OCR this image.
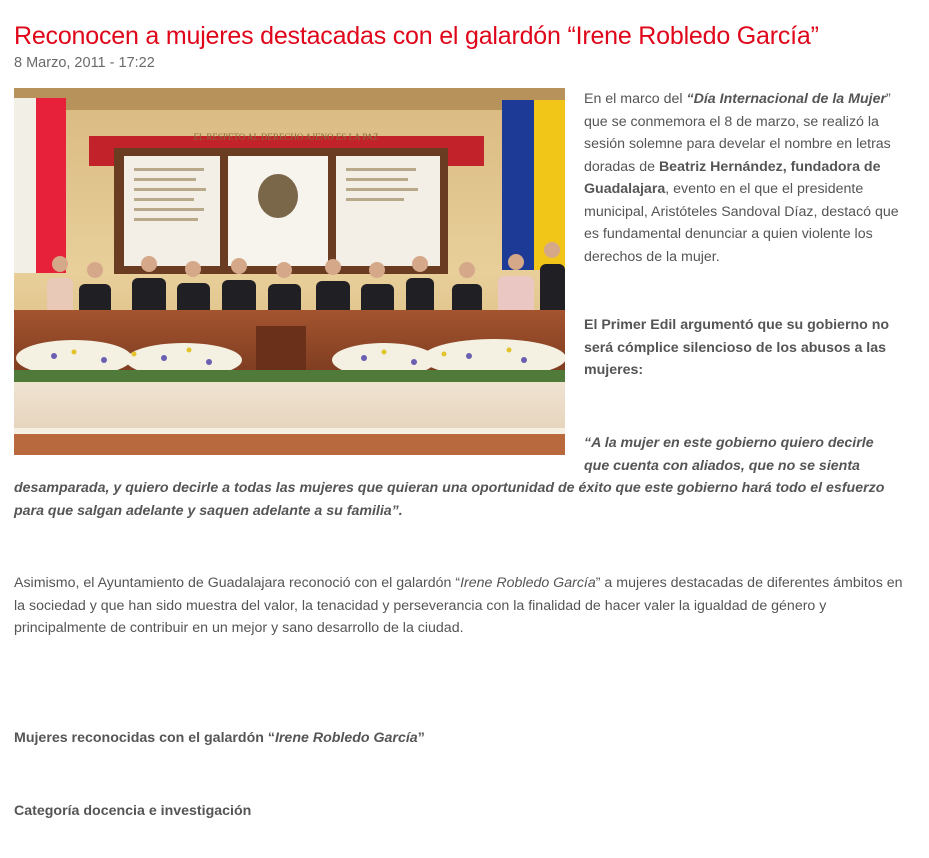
Reconocen a mujeres destacadas con el galardón “Irene Robledo García”
8 Marzo, 2011 - 17:22
EL RESPETO AL DERECHO AJENO ES LA PAZ

En el marco del “Día Internacional de la Mujer” que se conmemora el 8 de marzo, se realizó la sesión solemne para develar el nombre en letras doradas de Beatriz Hernández, fundadora de Guadalajara, evento en el que el presidente municipal, Aristóteles Sandoval Díaz, destacó que es fundamental denunciar a quien violente los derechos de la mujer.

El Primer Edil argumentó que su gobierno no será cómplice silencioso de los abusos a las mujeres:

“A la mujer en este gobierno quiero decirle

que cuenta con aliados, que no se sienta

desamparada, y quiero decirle a todas las mujeres que quieran una oportunidad de éxito que este gobierno hará todo el esfuerzo para que salgan adelante y saquen adelante a su familia”.

Asimismo, el Ayuntamiento de Guadalajara reconoció con el galardón “Irene Robledo García” a mujeres destacadas de diferentes ámbitos en la sociedad y que han sido muestra del valor, la tenacidad y perseverancia con la finalidad de hacer valer la igualdad de género y principalmente de contribuir en un mejor y sano desarrollo de la ciudad.

Mujeres reconocidas con el galardón “Irene Robledo García”

Categoría docencia e investigación
